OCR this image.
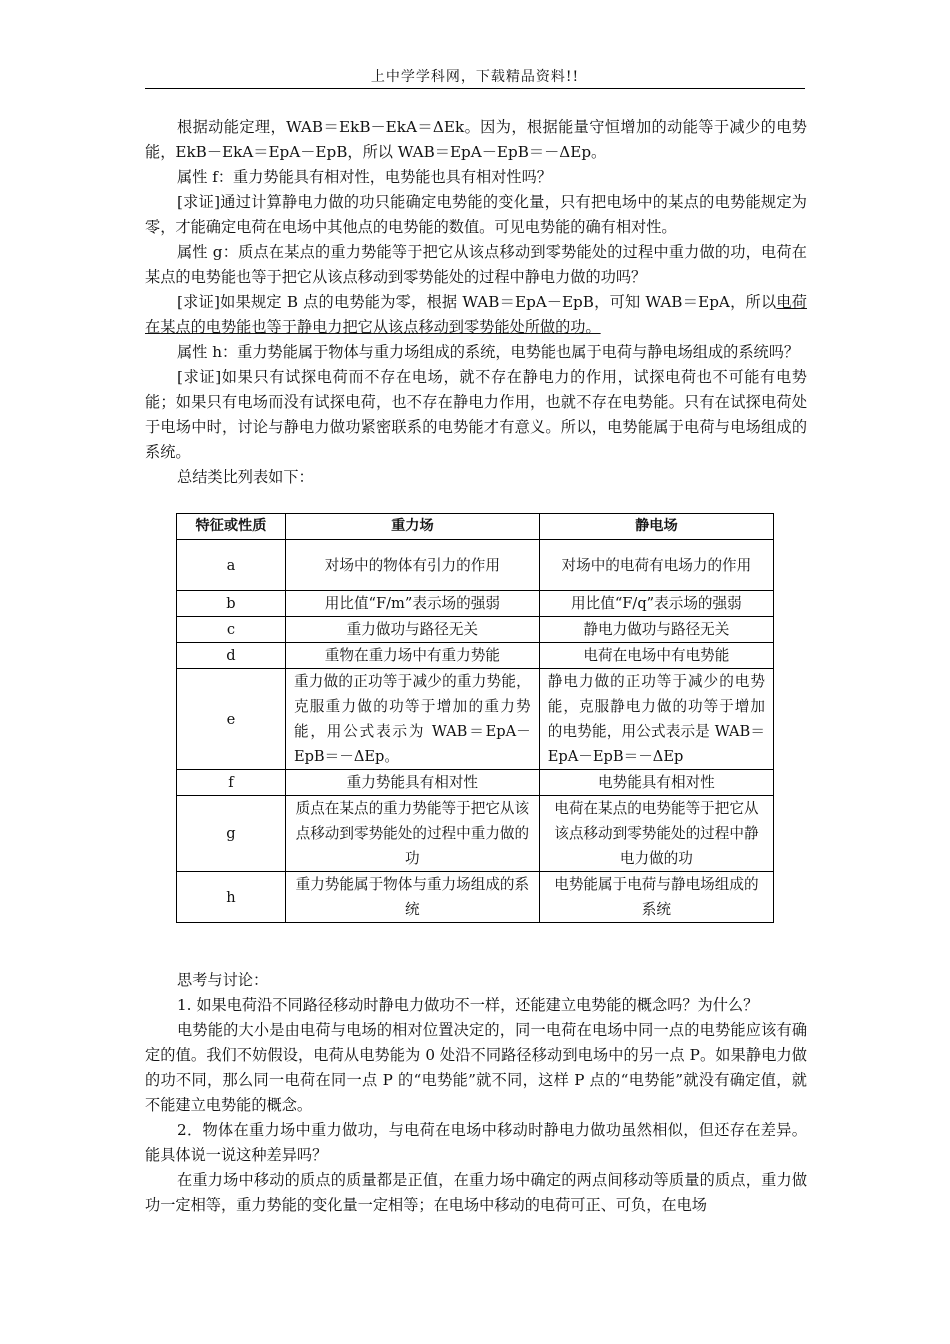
上中学学科网，下载精品资料!!

根据动能定理，WAB＝EkB－EkA＝ΔEk。因为，根据能量守恒增加的动能等于减少的电势能，EkB－EkA＝EpA－EpB，所以 WAB＝EpA－EpB＝－ΔEp。

属性 f：重力势能具有相对性，电势能也具有相对性吗？

[求证]通过计算静电力做的功只能确定电势能的变化量，只有把电场中的某点的电势能规定为零，才能确定电荷在电场中其他点的电势能的数值。可见电势能的确有相对性。

属性 g：质点在某点的重力势能等于把它从该点移动到零势能处的过程中重力做的功，电荷在某点的电势能也等于把它从该点移动到零势能处的过程中静电力做的功吗？

[求证]如果规定 B 点的电势能为零，根据 WAB＝EpA－EpB，可知 WAB＝EpA，所以电荷在某点的电势能也等于静电力把它从该点移动到零势能处所做的功。

属性 h：重力势能属于物体与重力场组成的系统，电势能也属于电荷与静电场组成的系统吗？

[求证]如果只有试探电荷而不存在电场，就不存在静电力的作用，试探电荷也不可能有电势能；如果只有电场而没有试探电荷，也不存在静电力作用，也就不存在电势能。只有在试探电荷处于电场中时，讨论与静电力做功紧密联系的电势能才有意义。所以，电势能属于电荷与电场组成的系统。

总结类比列表如下：

特征或性质	重力场	静电场
a	对场中的物体有引力的作用	对场中的电荷有电场力的作用
b	用比值“F/m”表示场的强弱	用比值“F/q”表示场的强弱
c	重力做功与路径无关	静电力做功与路径无关
d	重物在重力场中有重力势能	电荷在电场中有电势能
e	重力做的正功等于减少的重力势能，克服重力做的功等于增加的重力势能，用公式表示为 WAB＝EpA－EpB＝－ΔEp。	静电力做的正功等于减少的电势能，克服静电力做的功等于增加的电势能，用公式表示是 WAB＝EpA－EpB＝－ΔEp
f	重力势能具有相对性	电势能具有相对性
g	质点在某点的重力势能等于把它从该点移动到零势能处的过程中重力做的功	电荷在某点的电势能等于把它从该点移动到零势能处的过程中静电力做的功
h	重力势能属于物体与重力场组成的系统	电势能属于电荷与静电场组成的系统

思考与讨论：

1. 如果电荷沿不同路径移动时静电力做功不一样，还能建立电势能的概念吗？为什么？

电势能的大小是由电荷与电场的相对位置决定的，同一电荷在电场中同一点的电势能应该有确定的值。我们不妨假设，电荷从电势能为 0 处沿不同路径移动到电场中的另一点 P。如果静电力做的功不同，那么同一电荷在同一点 P 的“电势能”就不同，这样 P 点的“电势能”就没有确定值，就不能建立电势能的概念。

2．物体在重力场中重力做功，与电荷在电场中移动时静电力做功虽然相似，但还存在差异。能具体说一说这种差异吗？

在重力场中移动的质点的质量都是正值，在重力场中确定的两点间移动等质量的质点，重力做功一定相等，重力势能的变化量一定相等；在电场中移动的电荷可正、可负，在电场
